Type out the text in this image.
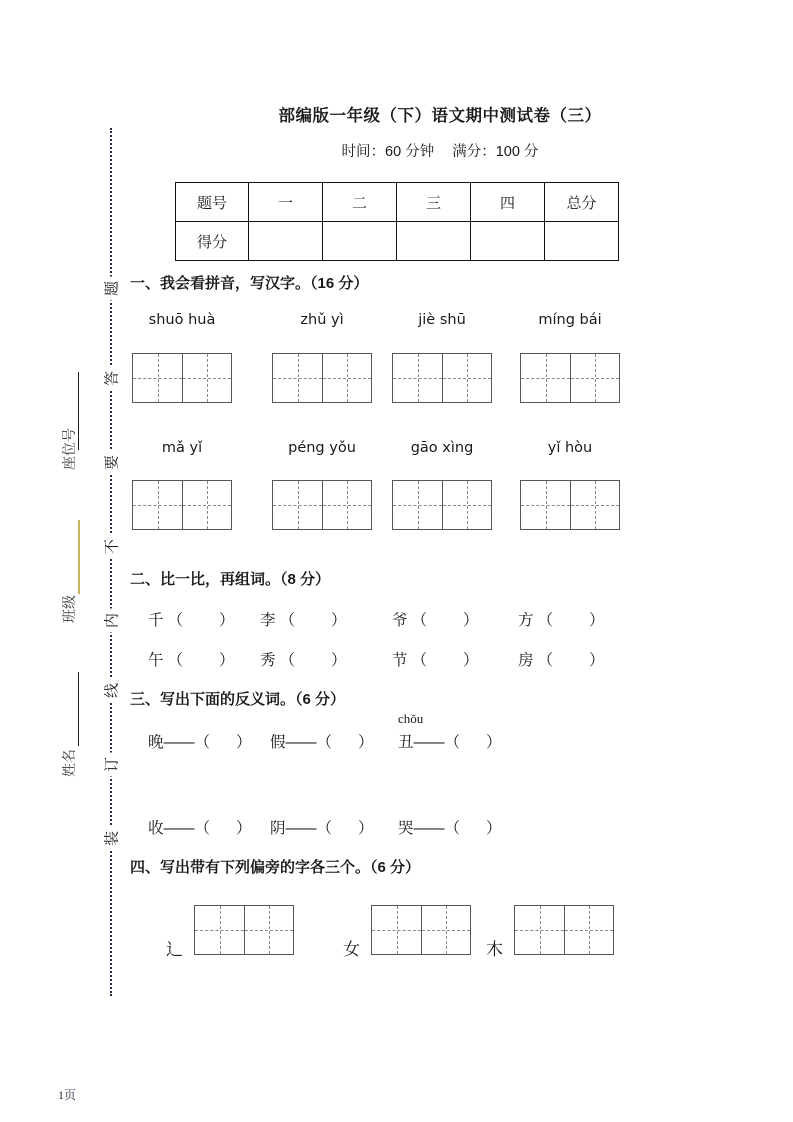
题
答
要
不
内
线
订
装
座位号
班级
姓名
部编版一年级（下）语文期中测试卷（三）
时间：60 分钟 满分：100 分
题号	一	二	三	四	总分
得分					
一、我会看拼音，写汉字。（16 分）
shuō huà	zhǔ yì	jiè shū	míng bái
mǎ yǐ	péng yǒu	gāo xìng	yǐ hòu
二、比一比，再组词。（8 分）
千 （ ） 李 （ ）	爷 （ ）	方 （ ）
午 （ ） 秀 （ ）	节 （ ）	房 （ ）
三、写出下面的反义词。（6 分）
晚——（ ） 假——（ ）
chǒu
丑——（ ）
收——（ ） 阴——（ ） 哭——（ ）
四、写出带有下列偏旁的字各三个。（6 分）
辶	女	木
1页
